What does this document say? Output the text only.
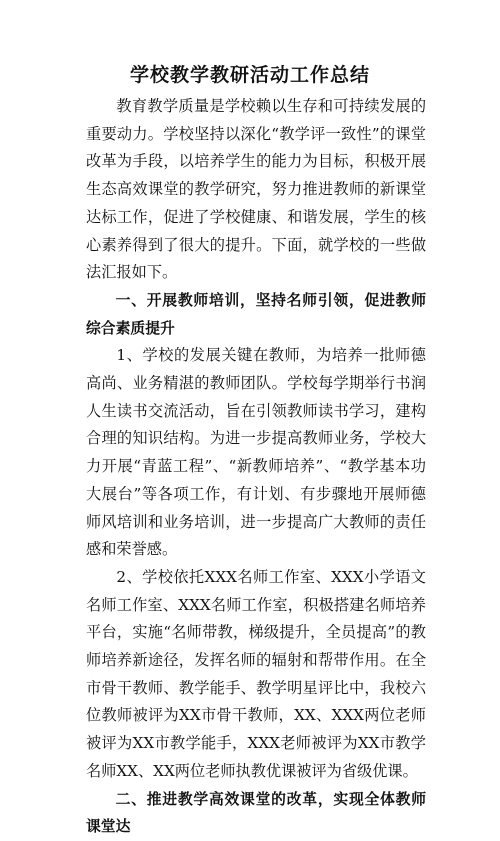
学校教学教研活动工作总结

教育教学质量是学校赖以生存和可持续发展的重要动力。学校坚持以深化“教学评一致性”的课堂改革为手段，以培养学生的能力为目标，积极开展生态高效课堂的教学研究，努力推进教师的新课堂达标工作，促进了学校健康、和谐发展，学生的核心素养得到了很大的提升。下面，就学校的一些做法汇报如下。

一、开展教师培训，坚持名师引领，促进教师综合素质提升

1、学校的发展关键在教师，为培养一批师德高尚、业务精湛的教师团队。学校每学期举行书润人生读书交流活动，旨在引领教师读书学习，建构合理的知识结构。为进一步提高教师业务，学校大力开展“青蓝工程”、“新教师培养”、“教学基本功大展台”等各项工作，有计划、有步骤地开展师德师风培训和业务培训，进一步提高广大教师的责任感和荣誉感。

2、学校依托XXX名师工作室、XXX小学语文名师工作室、XXX名师工作室，积极搭建名师培养平台，实施“名师带教，梯级提升，全员提高”的教师培养新途径，发挥名师的辐射和帮带作用。在全市骨干教师、教学能手、教学明星评比中，我校六位教师被评为XX市骨干教师，XX、XXX两位老师被评为XX市教学能手，XXX老师被评为XX市教学名师XX、XX两位老师执教优课被评为省级优课。

二、推进教学高效课堂的改革，实现全体教师课堂达
